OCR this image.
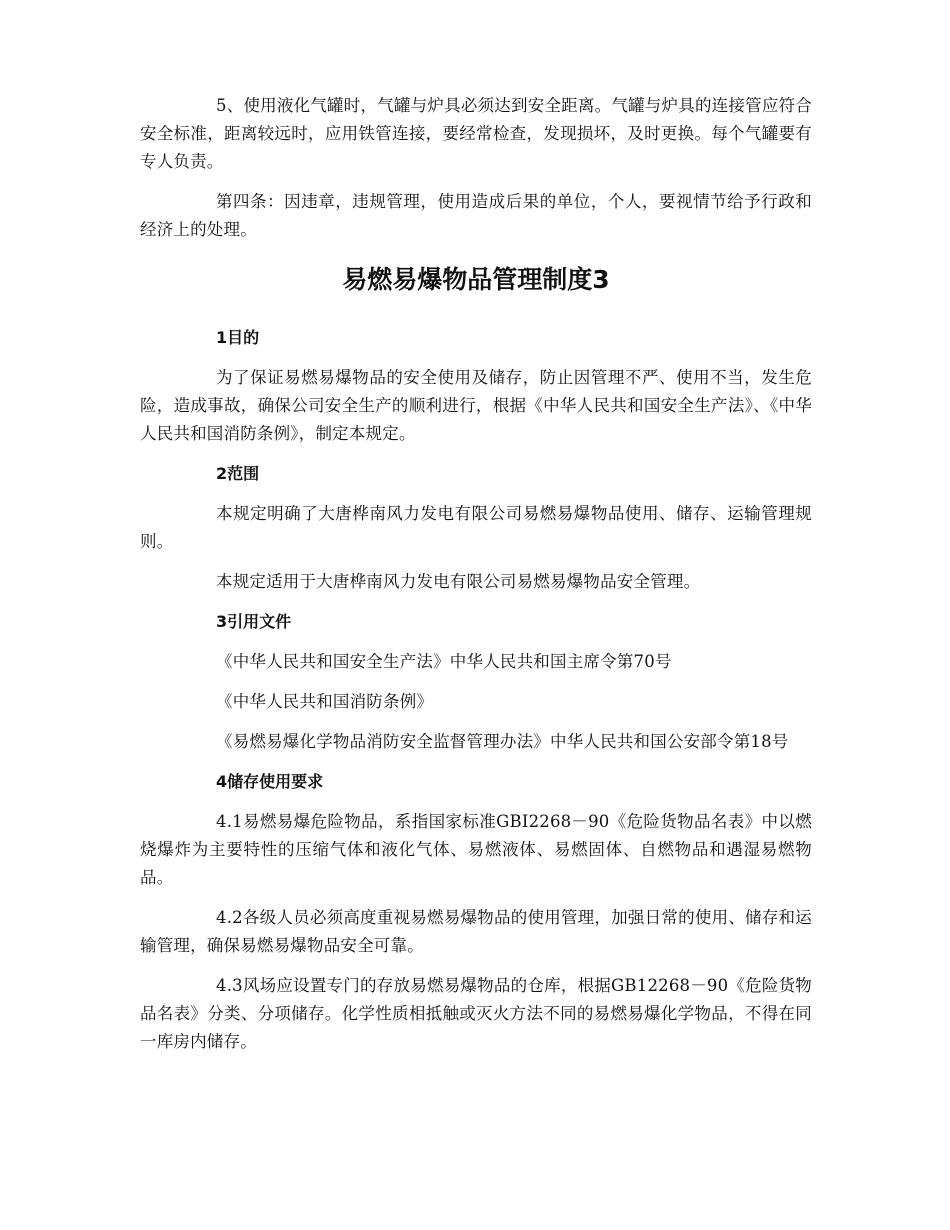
5、使用液化气罐时，气罐与炉具必须达到安全距离。气罐与炉具的连接管应符合安全标准，距离较远时，应用铁管连接，要经常检查，发现损坏，及时更换。每个气罐要有专人负责。

第四条：因违章，违规管理，使用造成后果的单位，个人，要视情节给予行政和经济上的处理。

易燃易爆物品管理制度3
1目的

为了保证易燃易爆物品的安全使用及储存，防止因管理不严、使用不当，发生危险，造成事故，确保公司安全生产的顺利进行，根据《中华人民共和国安全生产法》、《中华人民共和国消防条例》，制定本规定。

2范围

本规定明确了大唐桦南风力发电有限公司易燃易爆物品使用、储存、运输管理规则。

本规定适用于大唐桦南风力发电有限公司易燃易爆物品安全管理。

3引用文件

《中华人民共和国安全生产法》中华人民共和国主席令第70号

《中华人民共和国消防条例》

《易燃易爆化学物品消防安全监督管理办法》中华人民共和国公安部令第18号

4储存使用要求

4.1易燃易爆危险物品，系指国家标准GBI2268－90《危险货物品名表》中以燃烧爆炸为主要特性的压缩气体和液化气体、易燃液体、易燃固体、自燃物品和遇湿易燃物品。

4.2各级人员必须高度重视易燃易爆物品的使用管理，加强日常的使用、储存和运输管理，确保易燃易爆物品安全可靠。

4.3风场应设置专门的存放易燃易爆物品的仓库，根据GB12268－90《危险货物品名表》分类、分项储存。化学性质相抵触或灭火方法不同的易燃易爆化学物品，不得在同一库房内储存。
